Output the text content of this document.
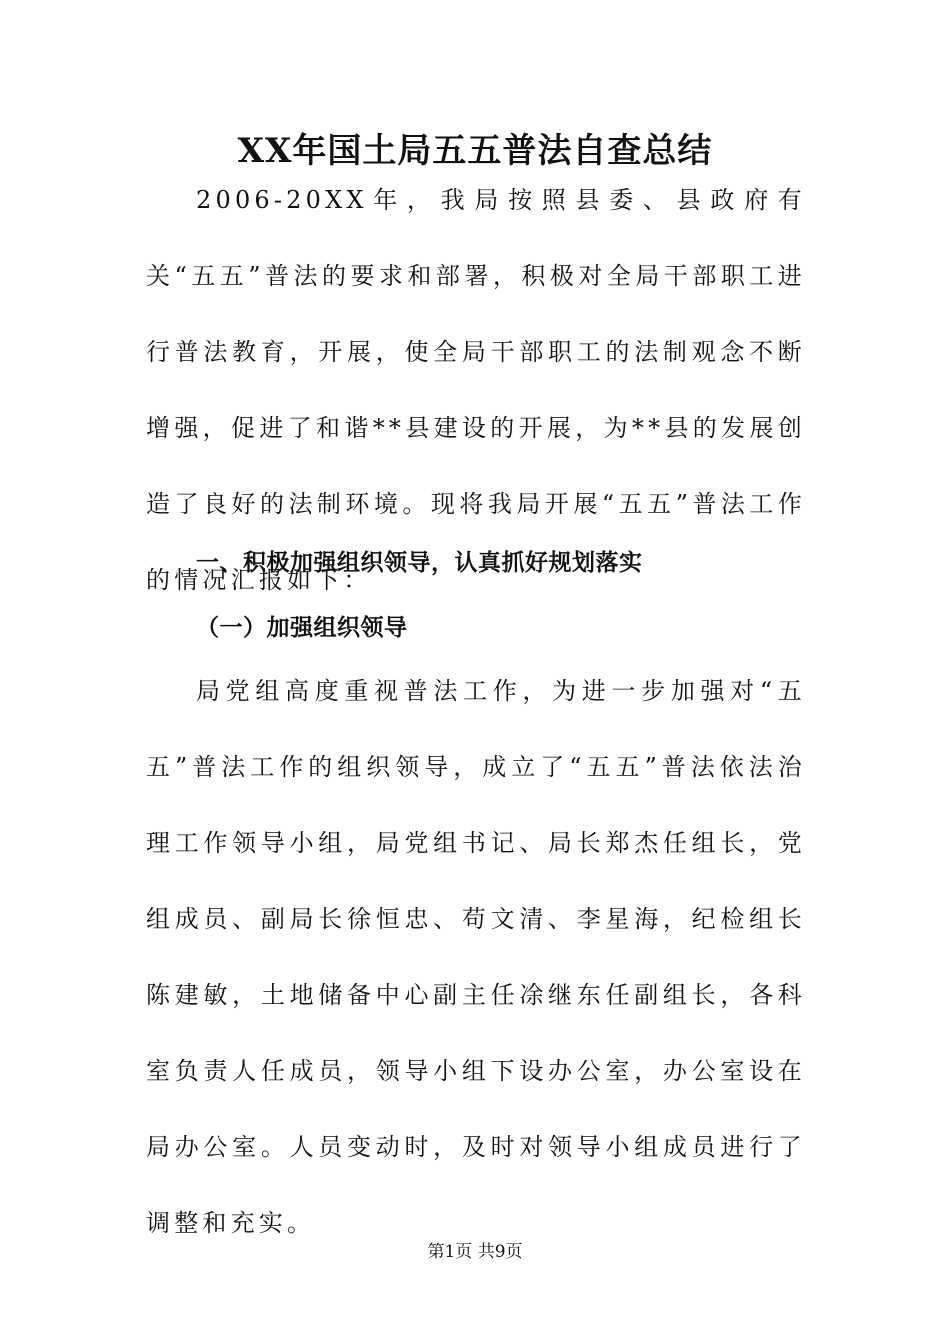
XX年国土局五五普法自查总结

2006-20XX年，我局按照县委、县政府有关“五五”普法的要求和部署，积极对全局干部职工进行普法教育，开展，使全局干部职工的法制观念不断增强，促进了和谐**县建设的开展，为**县的发展创造了良好的法制环境。现将我局开展“五五”普法工作的情况汇报如下：

一、积极加强组织领导，认真抓好规划落实
（一）加强组织领导

局党组高度重视普法工作，为进一步加强对“五五”普法工作的组织领导，成立了“五五”普法依法治理工作领导小组，局党组书记、局长郑杰任组长，党组成员、副局长徐恒忠、苟文清、李星海，纪检组长陈建敏，土地储备中心副主任凃继东任副组长，各科室负责人任成员，领导小组下设办公室，办公室设在局办公室。人员变动时，及时对领导小组成员进行了调整和充实。

第1页 共9页
